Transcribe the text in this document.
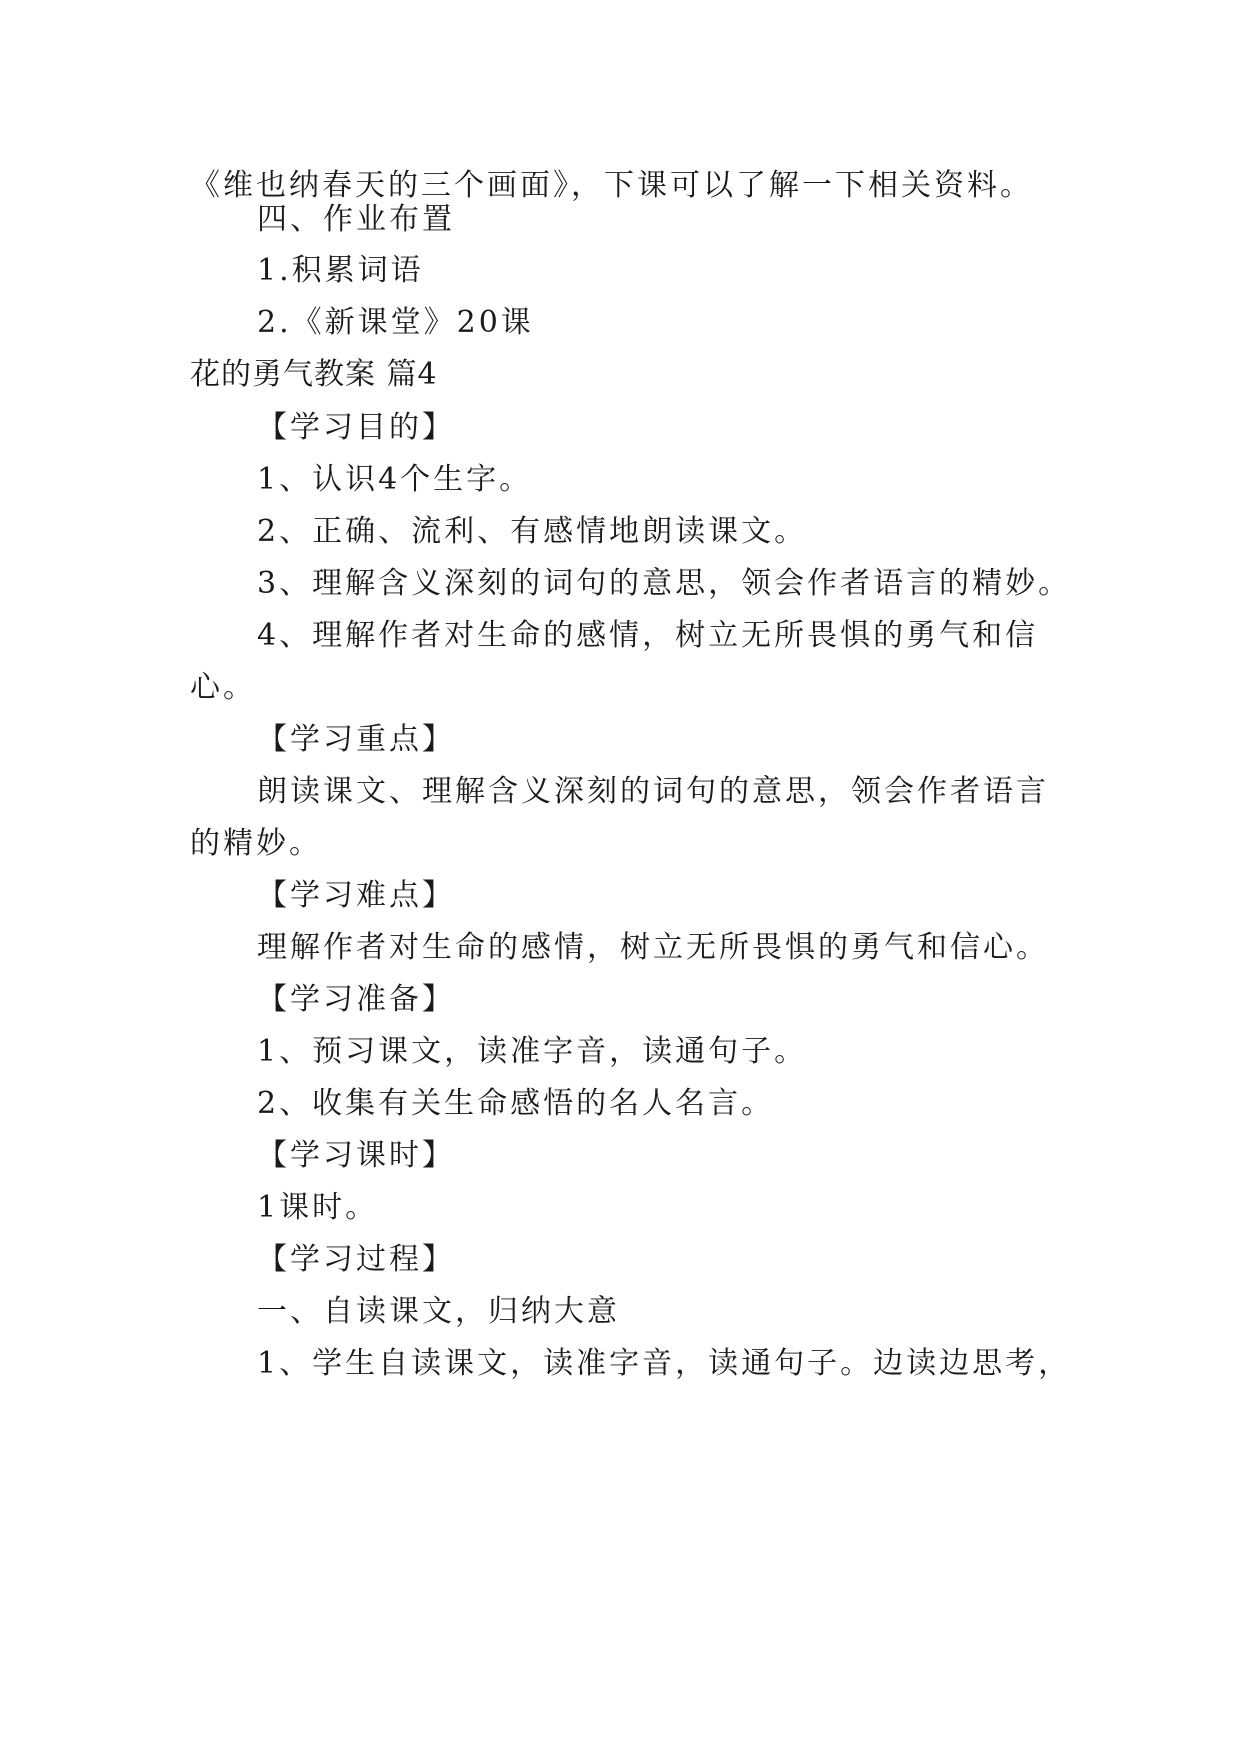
《维也纳春天的三个画面》，下课可以了解一下相关资料。
四、作业布置
1.积累词语
2.《新课堂》20课
花的勇气教案 篇4
【学习目的】
1、认识4个生字。
2、正确、流利、有感情地朗读课文。
3、理解含义深刻的词句的意思，领会作者语言的精妙。
4、理解作者对生命的感情，树立无所畏惧的勇气和信
心。
【学习重点】
朗读课文、理解含义深刻的词句的意思，领会作者语言
的精妙。
【学习难点】
理解作者对生命的感情，树立无所畏惧的勇气和信心。
【学习准备】
1、预习课文，读准字音，读通句子。
2、收集有关生命感悟的名人名言。
【学习课时】
1课时。
【学习过程】
一、自读课文，归纳大意
1、学生自读课文，读准字音，读通句子。边读边思考，
